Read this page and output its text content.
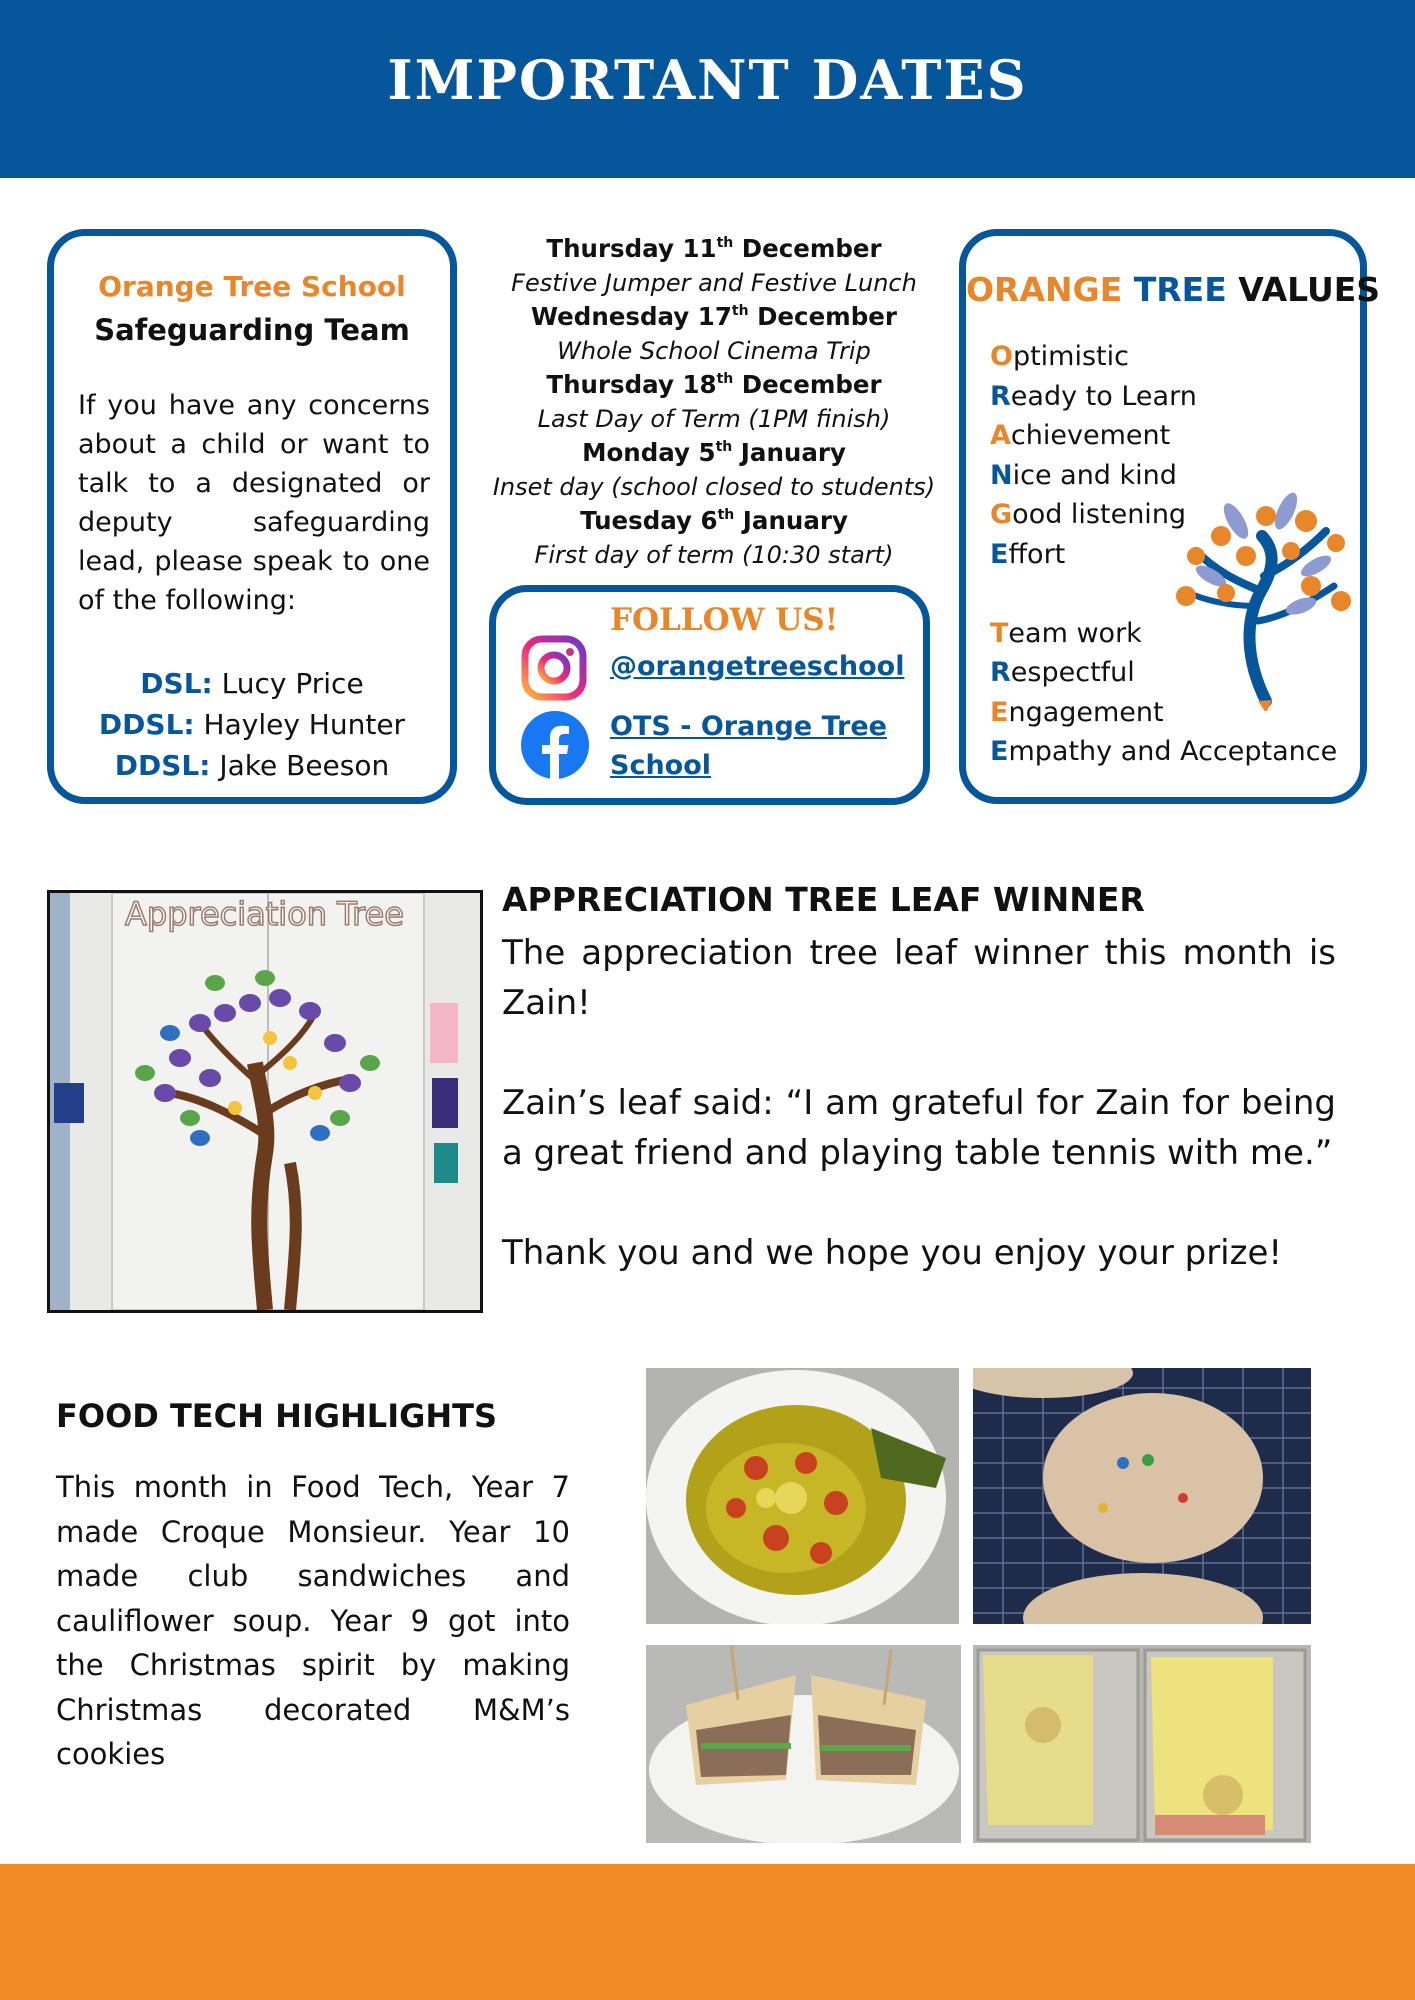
IMPORTANT DATES
Orange Tree School
Safeguarding Team
If you have any concerns about a child or want to talk to a designated or deputy safeguarding lead, please speak to one of the following:
DSL: Lucy Price
DDSL: Hayley Hunter
DDSL: Jake Beeson
Thursday 11th December
Festive Jumper and Festive Lunch
Wednesday 17th December
Whole School Cinema Trip
Thursday 18th December
Last Day of Term (1PM finish)
Monday 5th January
Inset day (school closed to students)
Tuesday 6th January
First day of term (10:30 start)
FOLLOW US!
@orangetreeschool
OTS - Orange Tree School
ORANGE TREE VALUES
Optimistic
Ready to Learn
Achievement
Nice and kind
Good listening
Effort
Team work
Respectful
Engagement
Empathy and Acceptance
Appreciation Tree	APPRECIATION TREE LEAF WINNER

The appreciation tree leaf winner this month is Zain!

Zain’s leaf said: “I am grateful for Zain for being a great friend and playing table tennis with me.”

Thank you and we hope you enjoy your prize!

FOOD TECH HIGHLIGHTS
This month in Food Tech, Year 7 made Croque Monsieur. Year 10 made club sandwiches and cauliflower soup. Year 9 got into the Christmas spirit by making Christmas decorated M&M’s cookies
